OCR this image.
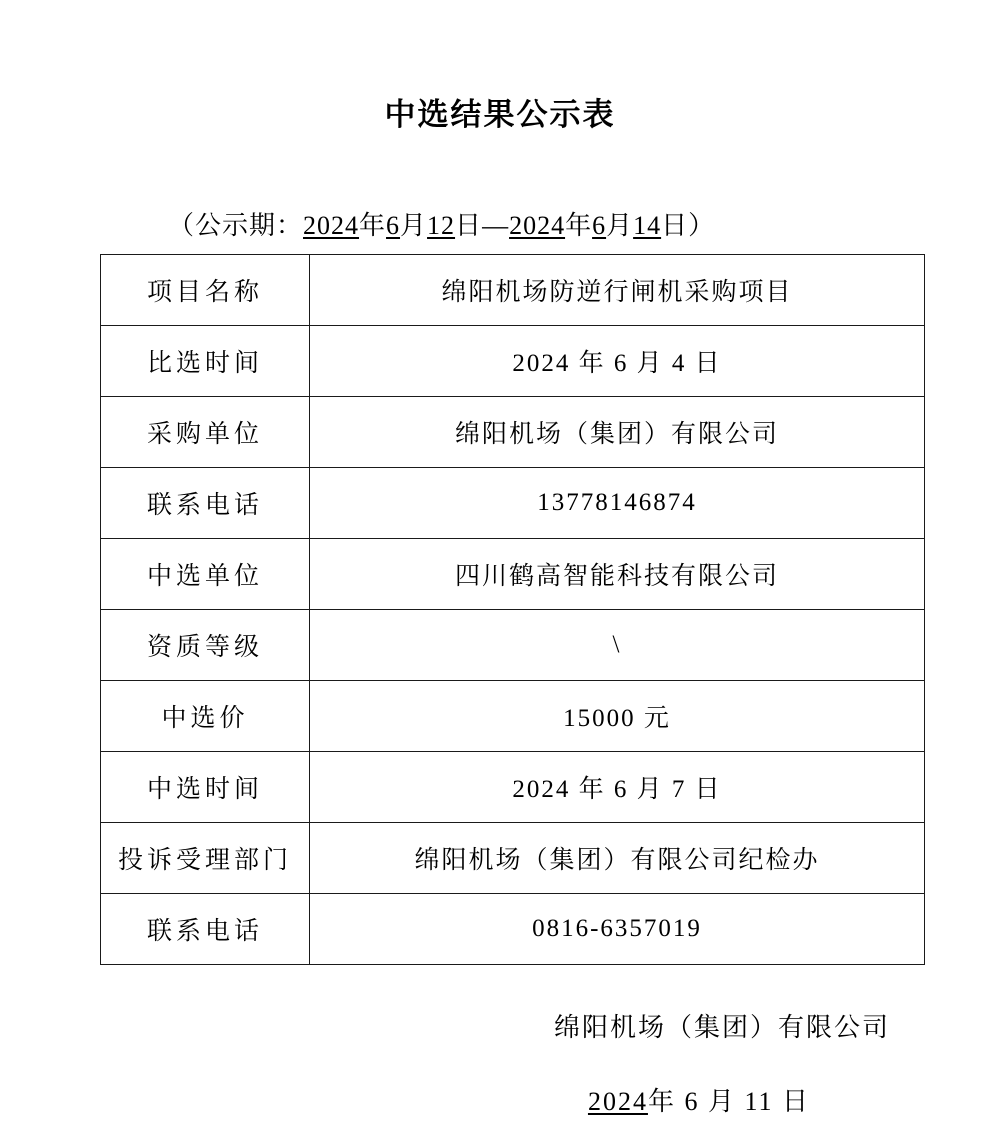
中选结果公示表
（公示期：2024年6月12日—2024年6月14日）
项目名称	绵阳机场防逆行闸机采购项目
比选时间	2024 年 6 月 4 日
采购单位	绵阳机场（集团）有限公司
联系电话	13778146874
中选单位	四川鹤高智能科技有限公司
资质等级	\
中选价	15000 元
中选时间	2024 年 6 月 7 日
投诉受理部门	绵阳机场（集团）有限公司纪检办
联系电话	0816-6357019
绵阳机场（集团）有限公司
2024年 6 月 11 日
